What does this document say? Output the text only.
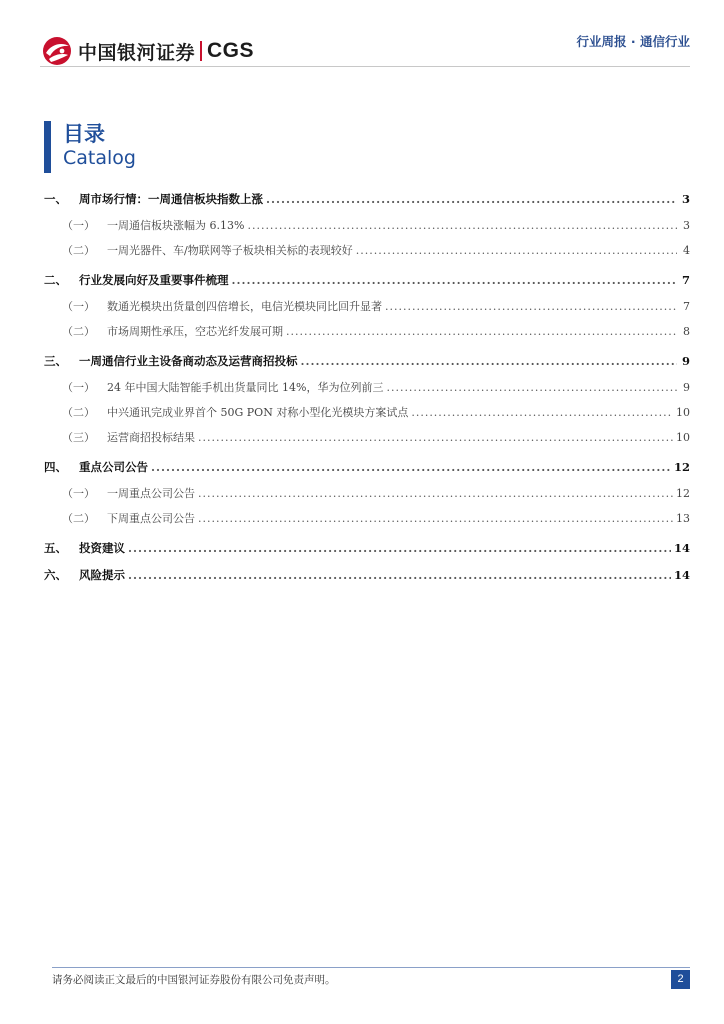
中国银河证券 CGS	行业周报 · 通信行业
目录
Catalog
一、 周市场行情：一周通信板块指数上涨 .....	3
（一） 一周通信板块涨幅为 6.13% .....	3
（二） 一周光器件、车/物联网等子板块相关标的表现较好 .....	4
二、 行业发展向好及重要事件梳理 .....	7
（一） 数通光模块出货量创四倍增长，电信光模块同比回升显著 .....	7
（二） 市场周期性承压，空芯光纤发展可期 .....	8
三、 一周通信行业主设备商动态及运营商招投标 .....	9
（一） 24 年中国大陆智能手机出货量同比 14%，华为位列前三 .....	9
（二） 中兴通讯完成业界首个 50G PON 对称小型化光模块方案试点 .....	10
（三） 运营商招投标结果 .....	10
四、 重点公司公告 .....	12
（一） 一周重点公司公告 .....	12
（二） 下周重点公司公告 .....	13
五、 投资建议 .....	14
六、 风险提示 .....	14
请务必阅读正文最后的中国银河证券股份有限公司免责声明。	2
